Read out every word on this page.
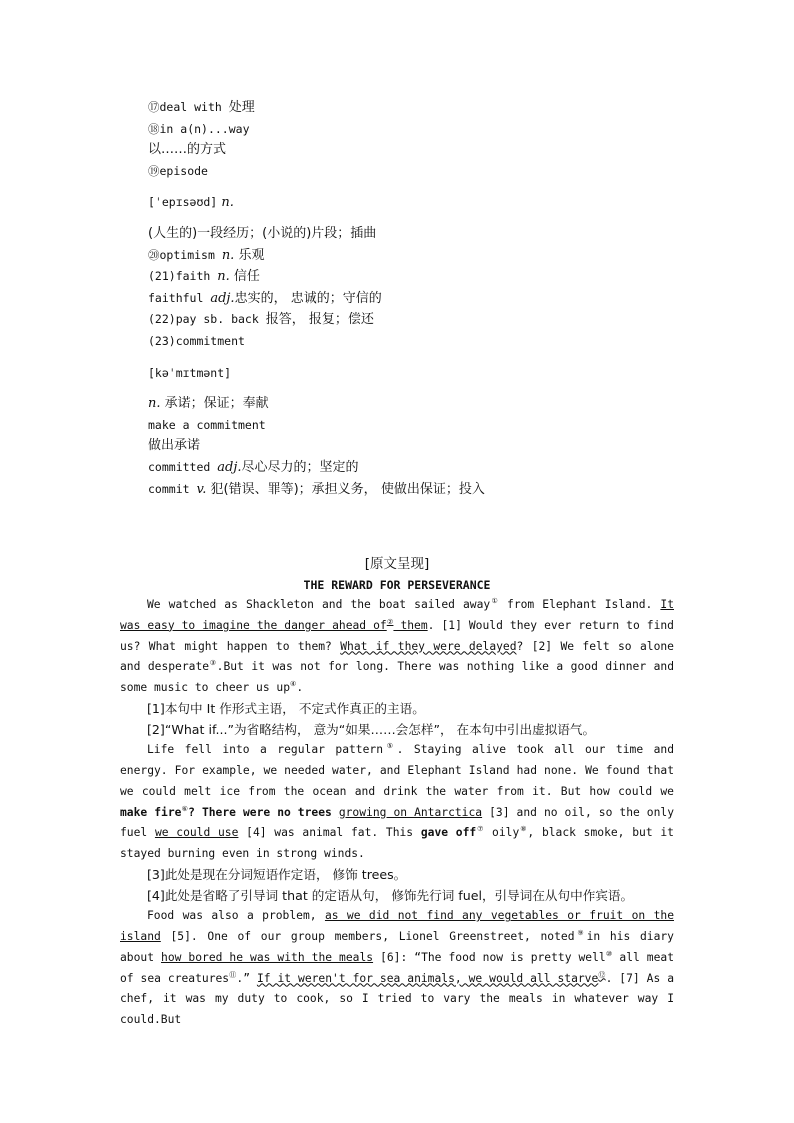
⑰deal with 处理
⑱in a(n)...way
以……的方式
⑲episode
[ˈepɪsəʊd] n.
(人生的)一段经历；(小说的)片段；插曲
⑳optimism n. 乐观
(21)faith n. 信任
faithful adj.忠实的， 忠诚的；守信的
(22)pay sb. back 报答， 报复；偿还
(23)commitment
[kəˈmɪtmənt]
n. 承诺；保证；奉献
make a commitment
做出承诺
committed adj.尽心尽力的；坚定的
commit v. 犯(错误、罪等)；承担义务， 使做出保证；投入
[原文呈现]
THE REWARD FOR PERSEVERANCE

We watched as Shackleton and the boat sailed away① from Elephant Island. It was easy to imagine the danger ahead of② them. [1] Would they ever return to find us? What might happen to them? What if they were delayed? [2] We felt so alone and desperate③.But it was not for long. There was nothing like a good dinner and some music to cheer us up④.

[1]本句中 It 作形式主语， 不定式作真正的主语。

[2]“What if...”为省略结构， 意为“如果……会怎样”， 在本句中引出虚拟语气。

Life fell into a regular pattern⑤. Staying alive took all our time and energy. For example, we needed water, and Elephant Island had none. We found that we could melt ice from the ocean and drink the water from it. But how could we make fire⑥? There were no trees growing on Antarctica [3] and no oil, so the only fuel we could use [4] was animal fat. This gave off⑦ oily⑧, black smoke, but it stayed burning even in strong winds.

[3]此处是现在分词短语作定语， 修饰 trees。

[4]此处是省略了引导词 that 的定语从句， 修饰先行词 fuel，引导词在从句中作宾语。

Food was also a problem, as we did not find any vegetables or fruit on the island [5]. One of our group members, Lionel Greenstreet, noted⑨in his diary about how bored he was with the meals [6]: “The food now is pretty well⑩ all meat of sea creatures⑪.” If it weren't for sea animals, we would all starve⑫. [7] As a chef, it was my duty to cook, so I tried to vary the meals in whatever way I could.But
